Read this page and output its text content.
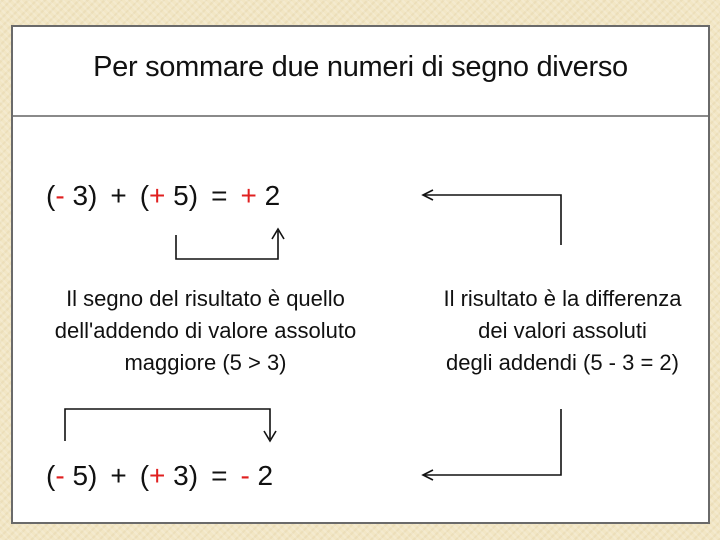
Per sommare due numeri di segno diverso
(- 3) + (+ 5) = + 2
(- 5) + (+ 3) = - 2
Il segno del risultato è quello
dell'addendo di valore assoluto
maggiore (5 > 3)
Il risultato è la differenza
dei valori assoluti
degli addendi (5 - 3 = 2)
